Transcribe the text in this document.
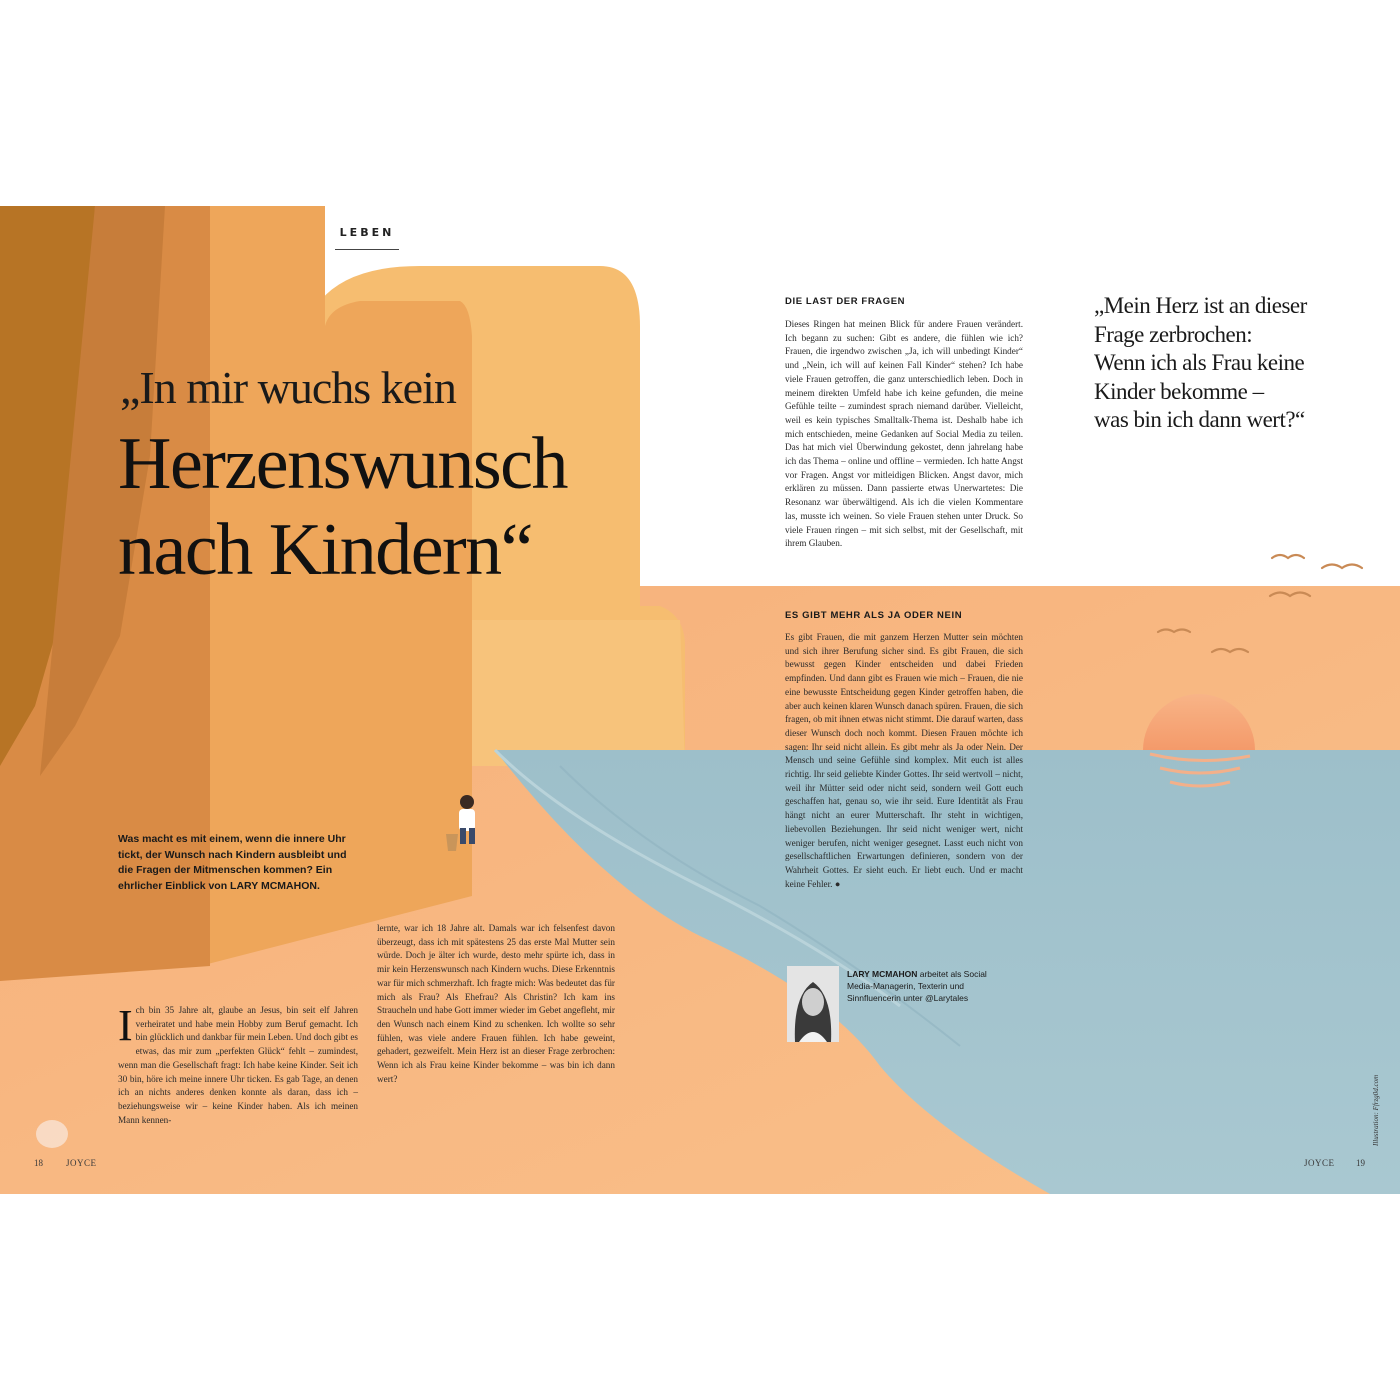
LEBEN
„In mir wuchs kein
Herzenswunsch
nach Kindern“
Was macht es mit einem, wenn die innere Uhr tickt, der Wunsch nach Kindern ausbleibt und die Fragen der Mitmenschen kommen? Ein ehrlicher Einblick von LARY MCMAHON.
Ich bin 35 Jahre alt, glaube an Jesus, bin seit elf Jahren verheiratet und habe mein Hobby zum Beruf gemacht. Ich bin glücklich und dankbar für mein Leben. Und doch gibt es etwas, das mir zum „perfekten Glück“ fehlt – zumindest, wenn man die Gesellschaft fragt: Ich habe keine Kinder. Seit ich 30 bin, höre ich meine innere Uhr ticken. Es gab Tage, an denen ich an nichts anderes denken konnte als daran, dass ich – beziehungsweise wir – keine Kinder haben. Als ich meinen Mann kennen-
lernte, war ich 18 Jahre alt. Damals war ich felsenfest davon überzeugt, dass ich mit spätestens 25 das erste Mal Mutter sein würde. Doch je älter ich wurde, desto mehr spürte ich, dass in mir kein Herzenswunsch nach Kindern wuchs. Diese Erkenntnis war für mich schmerzhaft. Ich fragte mich: Was bedeutet das für mich als Frau? Als Ehefrau? Als Christin? Ich kam ins Straucheln und habe Gott immer wieder im Gebet angefleht, mir den Wunsch nach einem Kind zu schenken. Ich wollte so sehr fühlen, was viele andere Frauen fühlen. Ich habe geweint, gehadert, gezweifelt. Mein Herz ist an dieser Frage zerbrochen: Wenn ich als Frau keine Kinder bekomme – was bin ich dann wert?
DIE LAST DER FRAGEN
Dieses Ringen hat meinen Blick für andere Frauen verändert. Ich begann zu suchen: Gibt es andere, die fühlen wie ich? Frauen, die irgendwo zwischen „Ja, ich will unbedingt Kinder“ und „Nein, ich will auf keinen Fall Kinder“ stehen? Ich habe viele Frauen getroffen, die ganz unterschiedlich leben. Doch in meinem direkten Umfeld habe ich keine gefunden, die meine Gefühle teilte – zumindest sprach niemand darüber. Vielleicht, weil es kein typisches Smalltalk-Thema ist. Deshalb habe ich mich entschieden, meine Gedanken auf Social Media zu teilen. Das hat mich viel Überwindung gekostet, denn jahrelang habe ich das Thema – online und offline – vermieden. Ich hatte Angst vor Fragen. Angst vor mitleidigen Blicken. Angst davor, mich erklären zu müssen. Dann passierte etwas Unerwartetes: Die Resonanz war überwältigend. Als ich die vielen Kommentare las, musste ich weinen. So viele Frauen stehen unter Druck. So viele Frauen ringen – mit sich selbst, mit der Gesellschaft, mit ihrem Glauben.
ES GIBT MEHR ALS JA ODER NEIN
Es gibt Frauen, die mit ganzem Herzen Mutter sein möchten und sich ihrer Berufung sicher sind. Es gibt Frauen, die sich bewusst gegen Kinder entscheiden und dabei Frieden empfinden. Und dann gibt es Frauen wie mich – Frauen, die nie eine bewusste Entscheidung gegen Kinder getroffen haben, die aber auch keinen klaren Wunsch danach spüren. Frauen, die sich fragen, ob mit ihnen etwas nicht stimmt. Die darauf warten, dass dieser Wunsch doch noch kommt. Diesen Frauen möchte ich sagen: Ihr seid nicht allein. Es gibt mehr als Ja oder Nein. Der Mensch und seine Gefühle sind komplex. Mit euch ist alles richtig. Ihr seid geliebte Kinder Gottes. Ihr seid wertvoll – nicht, weil ihr Mütter seid oder nicht seid, sondern weil Gott euch geschaffen hat, genau so, wie ihr seid. Eure Identität als Frau hängt nicht an eurer Mutterschaft. Ihr steht in wichtigen, liebevollen Beziehungen. Ihr seid nicht weniger wert, nicht weniger berufen, nicht weniger gesegnet. Lasst euch nicht von gesellschaftlichen Erwartungen definieren, sondern von der Wahrheit Gottes. Er sieht euch. Er liebt euch. Und er macht keine Fehler. ●
„Mein Herz ist an dieser
Frage zerbrochen:
Wenn ich als Frau keine
Kinder bekomme –
was bin ich dann wert?“
LARY MCMAHON arbeitet als Social Media-Managerin, Texterin und Sinnfluencerin unter @Larytales
18	JOYCE	JOYCE 19
Illustration: Ffrzg0d.com
